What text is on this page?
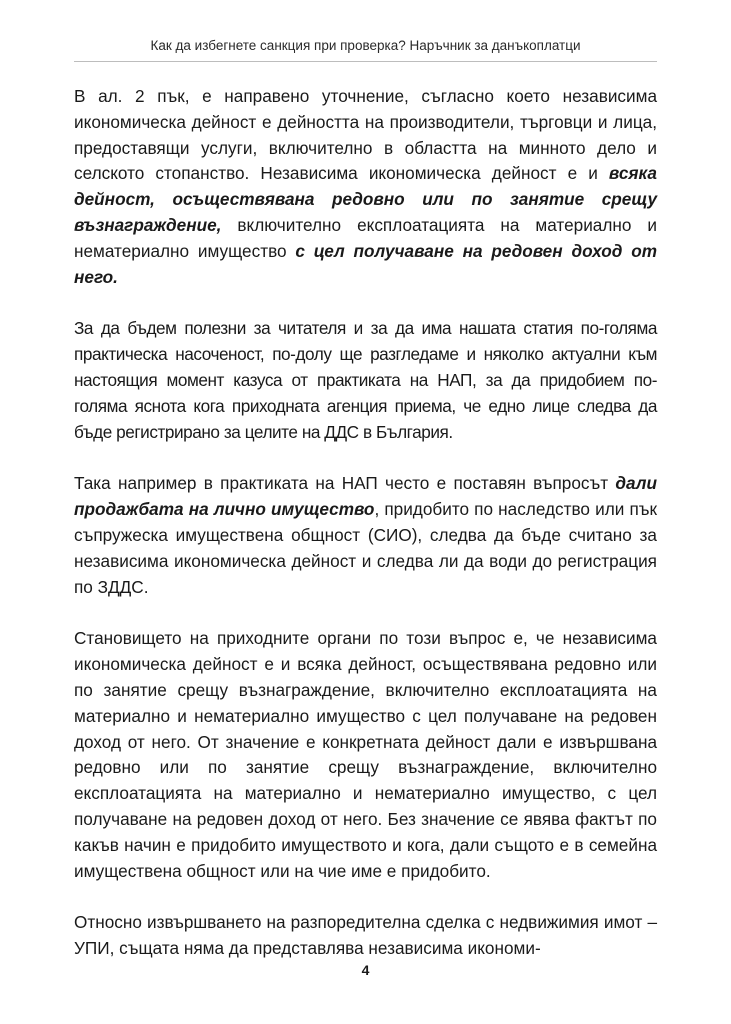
Как да избегнете санкция при проверка? Наръчник за данъкоплатци

В ал. 2 пък, е направено уточнение, съгласно което независима икономическа дейност е дейността на производители, търговци и лица, предоставящи услуги, включително в областта на минното дело и селското стопанство. Независима икономическа дейност е и всяка дейност, осъществявана редовно или по занятие срещу възнаграждение, включително експлоатацията на материално и нематериално имущество с цел получаване на редовен доход от него.

За да бъдем полезни за читателя и за да има нашата статия по-голяма практическа насоченост, по-долу ще разгледаме и няколко актуални към настоящия момент казуса от практиката на НАП, за да придобием по-голяма яснота кога приходната агенция приема, че едно лице следва да бъде регистрирано за целите на ДДС в България.

Така например в практиката на НАП често е поставян въпросът дали продажбата на лично имущество, придобито по наследство или пък съпружеска имуществена общност (СИО), следва да бъде считано за независима икономическа дейност и следва ли да води до регистрация по ЗДДС.

Становището на приходните органи по този въпрос е, че независима икономическа дейност е и всяка дейност, осъществявана редовно или по занятие срещу възнаграждение, включително експлоатацията на материално и нематериално имущество с цел получаване на редовен доход от него. От значение е конкретната дейност дали е извършвана редовно или по занятие срещу възнаграждение, включително експлоатацията на материално и нематериално имущество, с цел получаване на редовен доход от него. Без значение се явява фактът по какъв начин е придобито имуществото и кога, дали същото е в семейна имуществена общност или на чие име е придобито.

Относно извършването на разпоредителна сделка с недвижимия имот – УПИ, същата няма да представлява независима икономи-

4
